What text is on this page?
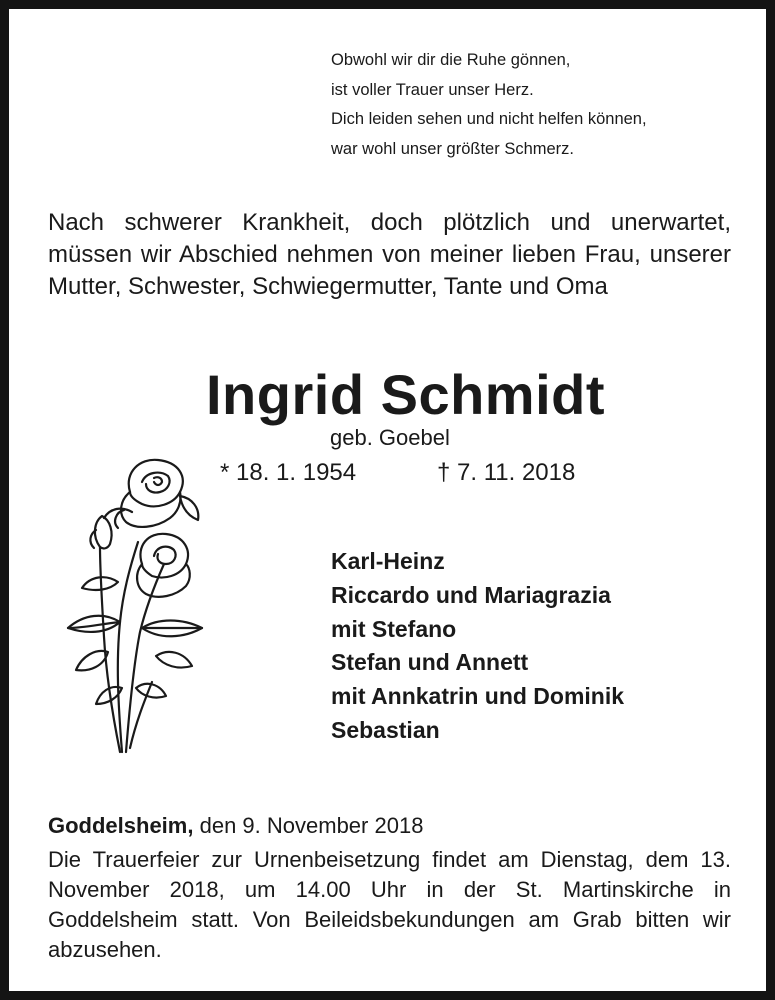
Obwohl wir dir die Ruhe gönnen,
ist voller Trauer unser Herz.
Dich leiden sehen und nicht helfen können,
war wohl unser größter Schmerz.
Nach schwerer Krankheit, doch plötzlich und unerwartet, müssen wir Abschied nehmen von meiner lieben Frau, unserer Mutter, Schwester, Schwiegermutter, Tante und Oma
Ingrid Schmidt
geb. Goebel
* 18. 1. 1954	† 7. 11. 2018
Karl-Heinz
Riccardo und Mariagrazia
mit Stefano
Stefan und Annett
mit Annkatrin und Dominik
Sebastian
Goddelsheim, den 9. November 2018
Die Trauerfeier zur Urnenbeisetzung findet am Dienstag, dem 13. November 2018, um 14.00 Uhr in der St. Martinskirche in Goddelsheim statt. Von Beileidsbekundungen am Grab bitten wir abzusehen.
